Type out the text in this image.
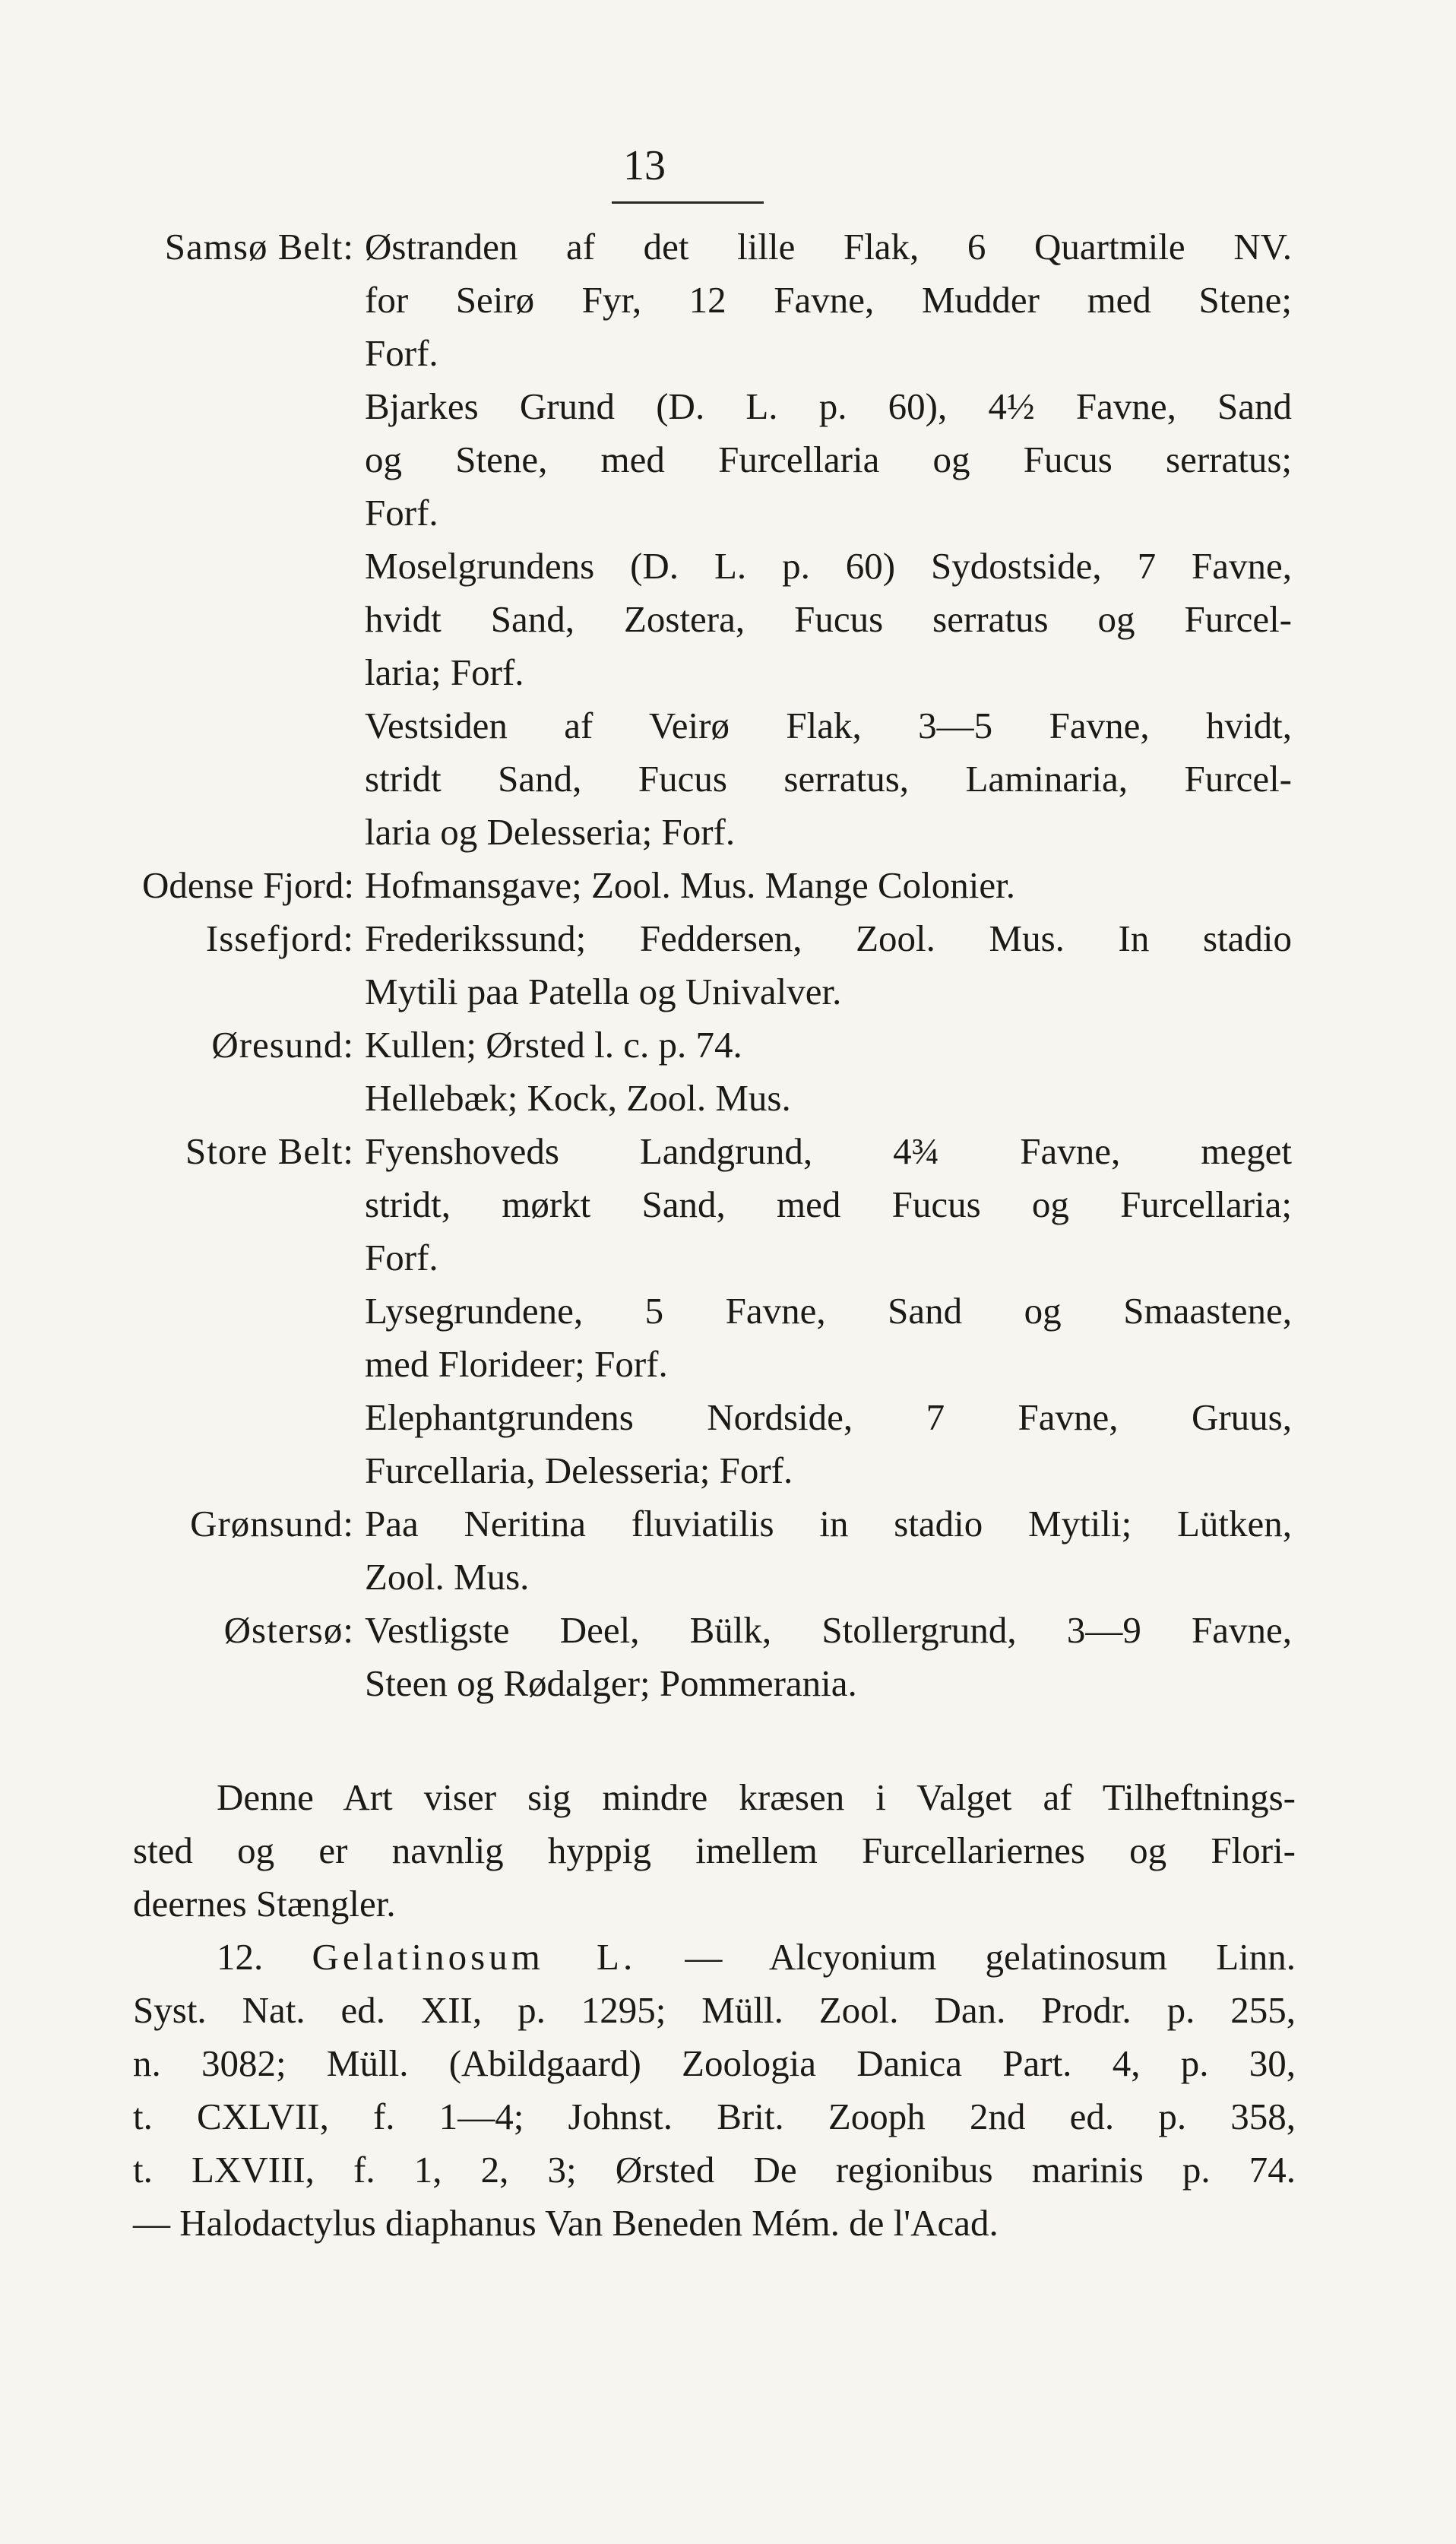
13
Samsø Belt: Østranden af det lille Flak, 6 Quartmile NV.
for Seirø Fyr, 12 Favne, Mudder med Stene;
Forf.
Bjarkes Grund (D. L. p. 60), 4½ Favne, Sand
og Stene, med Furcellaria og Fucus serratus;
Forf.
Moselgrundens (D. L. p. 60) Sydostside, 7 Favne,
hvidt Sand, Zostera, Fucus serratus og Furcel-
laria; Forf.
Vestsiden af Veirø Flak, 3—5 Favne, hvidt,
stridt Sand, Fucus serratus, Laminaria, Furcel-
laria og Delesseria; Forf.
Odense Fjord: Hofmansgave; Zool. Mus. Mange Colonier.
Issefjord: Frederikssund; Feddersen, Zool. Mus. In stadio
Mytili paa Patella og Univalver.
Øresund: Kullen; Ørsted l. c. p. 74.
Hellebæk; Kock, Zool. Mus.
Store Belt: Fyenshoveds Landgrund, 4¾ Favne, meget
stridt, mørkt Sand, med Fucus og Furcellaria;
Forf.
Lysegrundene, 5 Favne, Sand og Smaastene,
med Florideer; Forf.
Elephantgrundens Nordside, 7 Favne, Gruus,
Furcellaria, Delesseria; Forf.
Grønsund: Paa Neritina fluviatilis in stadio Mytili; Lütken,
Zool. Mus.
Østersø: Vestligste Deel, Bülk, Stollergrund, 3—9 Favne,
Steen og Rødalger; Pommerania.
Denne Art viser sig mindre kræsen i Valget af Tilheftnings-
sted og er navnlig hyppig imellem Furcellariernes og Flori-
deernes Stængler.
12. Gelatinosum L. — Alcyonium gelatinosum Linn.
Syst. Nat. ed. XII, p. 1295; Müll. Zool. Dan. Prodr. p. 255,
n. 3082; Müll. (Abildgaard) Zoologia Danica Part. 4, p. 30,
t. CXLVII, f. 1—4; Johnst. Brit. Zooph 2nd ed. p. 358,
t. LXVIII, f. 1, 2, 3; Ørsted De regionibus marinis p. 74.
— Halodactylus diaphanus Van Beneden Mém. de l'Acad.
